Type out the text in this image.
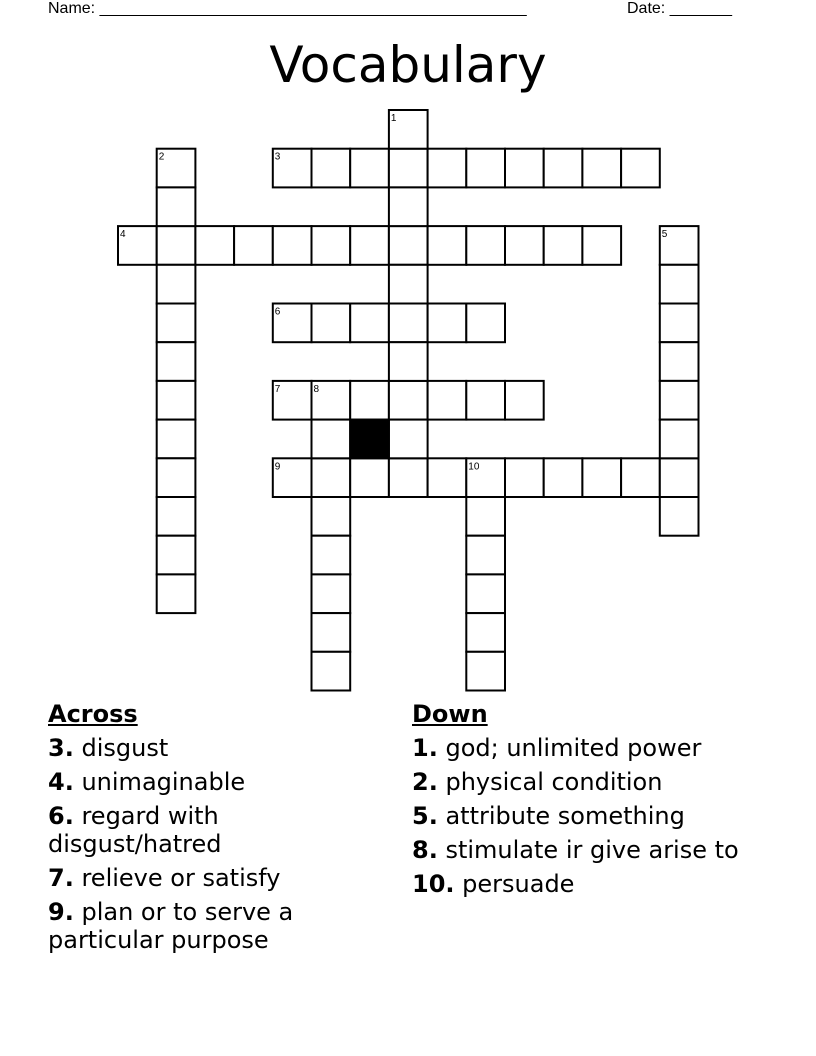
Name: ________________________________________________	Date: _______
Vocabulary
1
2	3
4	5
6
7	8
9	10
Across
3. disgust
4. unimaginable
6. regard with disgust/hatred
7. relieve or satisfy
9. plan or to serve a particular purpose
Down
1. god; unlimited power
2. physical condition
5. attribute something
8. stimulate ir give arise to
10. persuade
